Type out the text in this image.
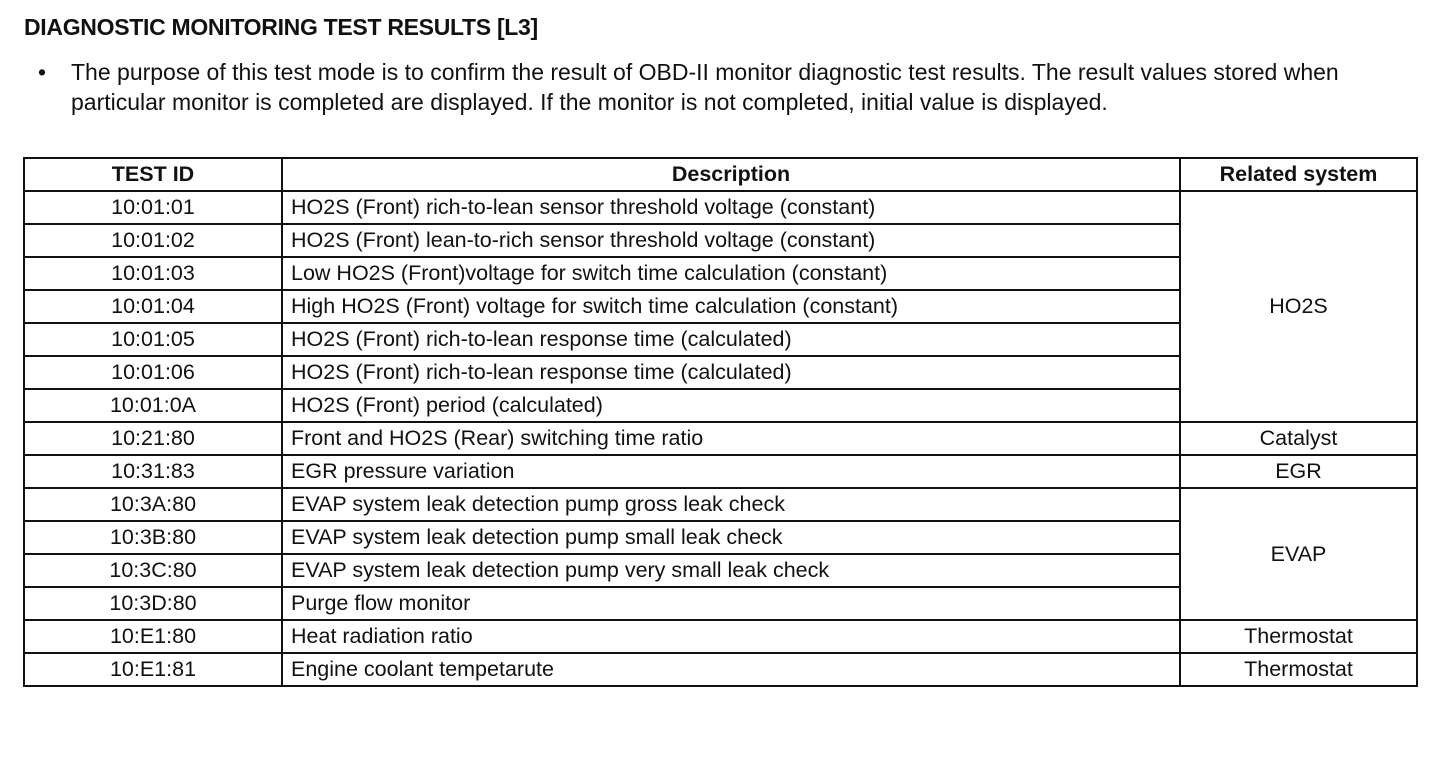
DIAGNOSTIC MONITORING TEST RESULTS [L3]
• The purpose of this test mode is to confirm the result of OBD-II monitor diagnostic test results. The result values stored when particular monitor is completed are displayed. If the monitor is not completed, initial value is displayed.
TEST ID	Description	Related system
10:01:01	HO2S (Front) rich-to-lean sensor threshold voltage (constant)	HO2S
10:01:02	HO2S (Front) lean-to-rich sensor threshold voltage (constant)	
10:01:03	Low HO2S (Front)voltage for switch time calculation (constant)	
10:01:04	High HO2S (Front) voltage for switch time calculation (constant)	
10:01:05	HO2S (Front) rich-to-lean response time (calculated)	
10:01:06	HO2S (Front) rich-to-lean response time (calculated)	
10:01:0A	HO2S (Front) period (calculated)	
10:21:80	Front and HO2S (Rear) switching time ratio	Catalyst
10:31:83	EGR pressure variation	EGR
10:3A:80	EVAP system leak detection pump gross leak check	EVAP
10:3B:80	EVAP system leak detection pump small leak check	
10:3C:80	EVAP system leak detection pump very small leak check	
10:3D:80	Purge flow monitor	
10:E1:80	Heat radiation ratio	Thermostat
10:E1:81	Engine coolant tempetarute	Thermostat
